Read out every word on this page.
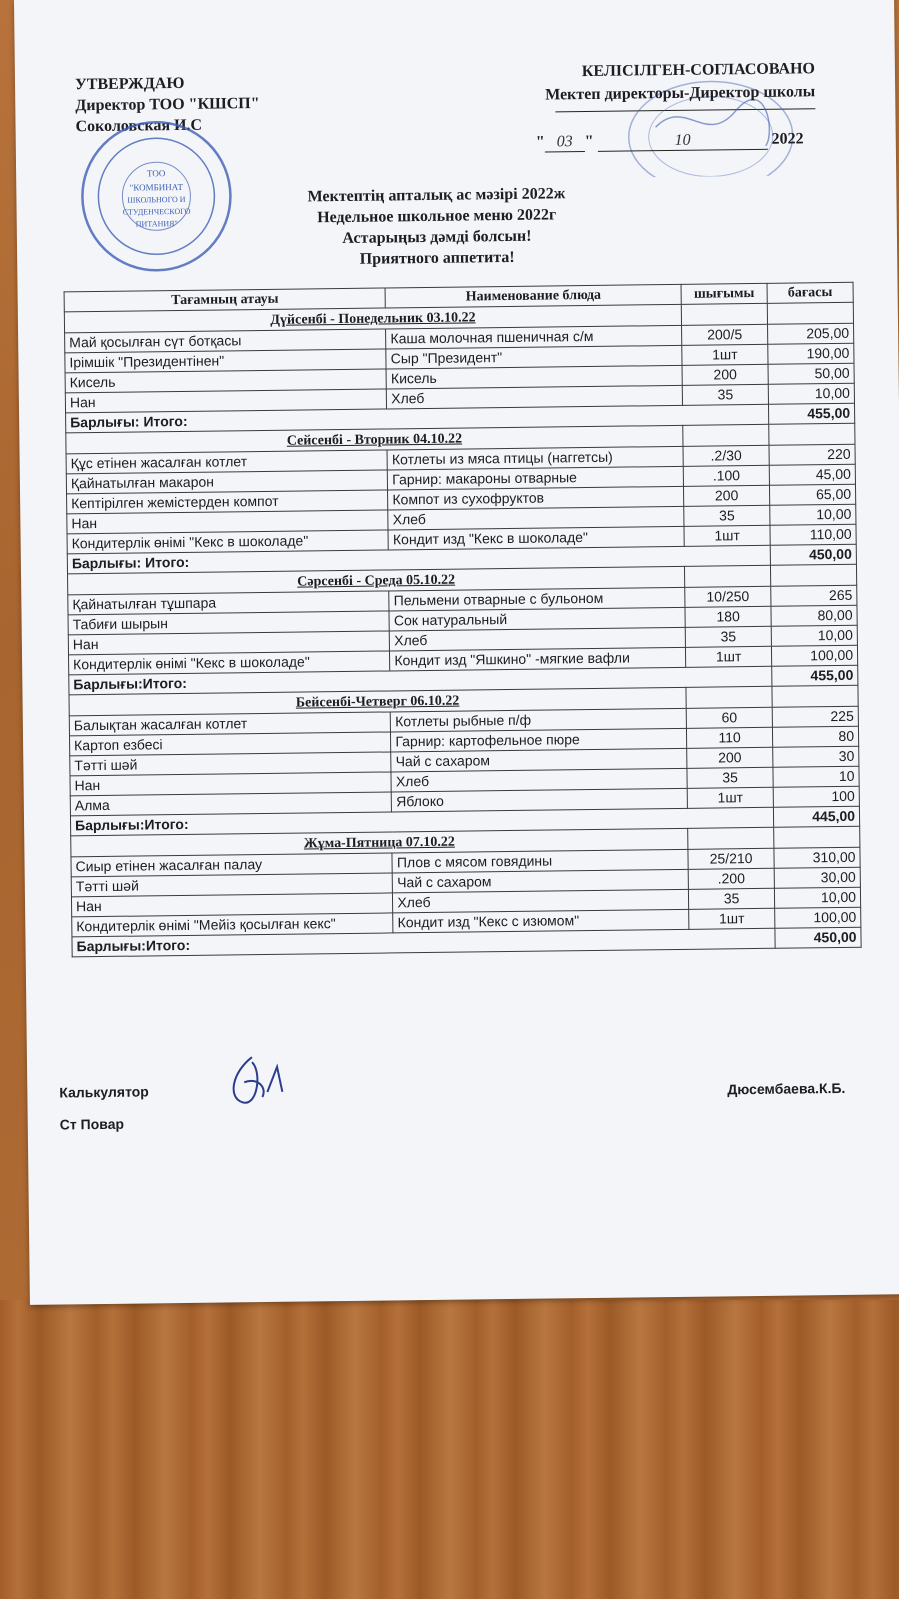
УТВЕРЖДАЮ
Директор ТОО "КШСП"
Соколовская И.С
ТОО
"КОМБИНАТ
ШКОЛЬНОГО И
СТУДЕНЧЕСКОГО
ПИТАНИЯ"
КЕЛІСІЛГЕН-СОГЛАСОВАНО
Мектеп директоры-Директор школы
" 03 "	10	2022
Мектептің апталық ас мәзірі 2022ж
Недельное школьное меню 2022г
Астарыңыз дәмді болсын!
Приятного аппетита!
Тағамның атауы	Наименование блюда	шығымы	бағасы
Дүйсенбі - Понедельник 03.10.22			
Май қосылған сүт ботқасы	Каша молочная пшеничная с/м	200/5	205,00
Ірімшік "Президентінен"	Сыр "Президент"	1шт	190,00
Кисель	Кисель	200	50,00
Нан	Хлеб	35	10,00
Барлығы: Итого:			455,00
Сейсенбі - Вторник 04.10.22			
Құс етінен жасалған котлет	Котлеты из мяса птицы (наггетсы)	.2/30	220
Қайнатылған макарон	Гарнир: макароны отварные	.100	45,00
Кептірілген жемістерден компот	Компот из сухофруктов	200	65,00
Нан	Хлеб	35	10,00
Кондитерлік өнімі "Кекс в шоколаде"	Кондит изд "Кекс в шоколаде"	1шт	110,00
Барлығы: Итого:			450,00
Сәрсенбі - Среда 05.10.22			
Қайнатылған тұшпара	Пельмени отварные с бульоном	10/250	265
Табиғи шырын	Сок натуральный	180	80,00
Нан	Хлеб	35	10,00
Кондитерлік өнімі "Кекс в шоколаде"	Кондит изд "Яшкино" -мягкие вафли	1шт	100,00
Барлығы:Итого:			455,00
Бейсенбі-Четверг 06.10.22			
Балықтан жасалған котлет	Котлеты рыбные п/ф	60	225
Картоп езбесі	Гарнир: картофельное пюре	110	80
Тәтті шәй	Чай с сахаром	200	30
Нан	Хлеб	35	10
Алма	Яблоко	1шт	100
Барлығы:Итого:			445,00
Жұма-Пятница 07.10.22			
Сиыр етінен жасалған палау	Плов с мясом говядины	25/210	310,00
Тәтті шәй	Чай с сахаром	.200	30,00
Нан	Хлеб	35	10,00
Кондитерлік өнімі "Мейіз қосылған кекс"	Кондит изд "Кекс с изюмом"	1шт	100,00
Барлығы:Итого:			450,00
Калькулятор
Ст Повар
Дюсембаева.К.Б.
